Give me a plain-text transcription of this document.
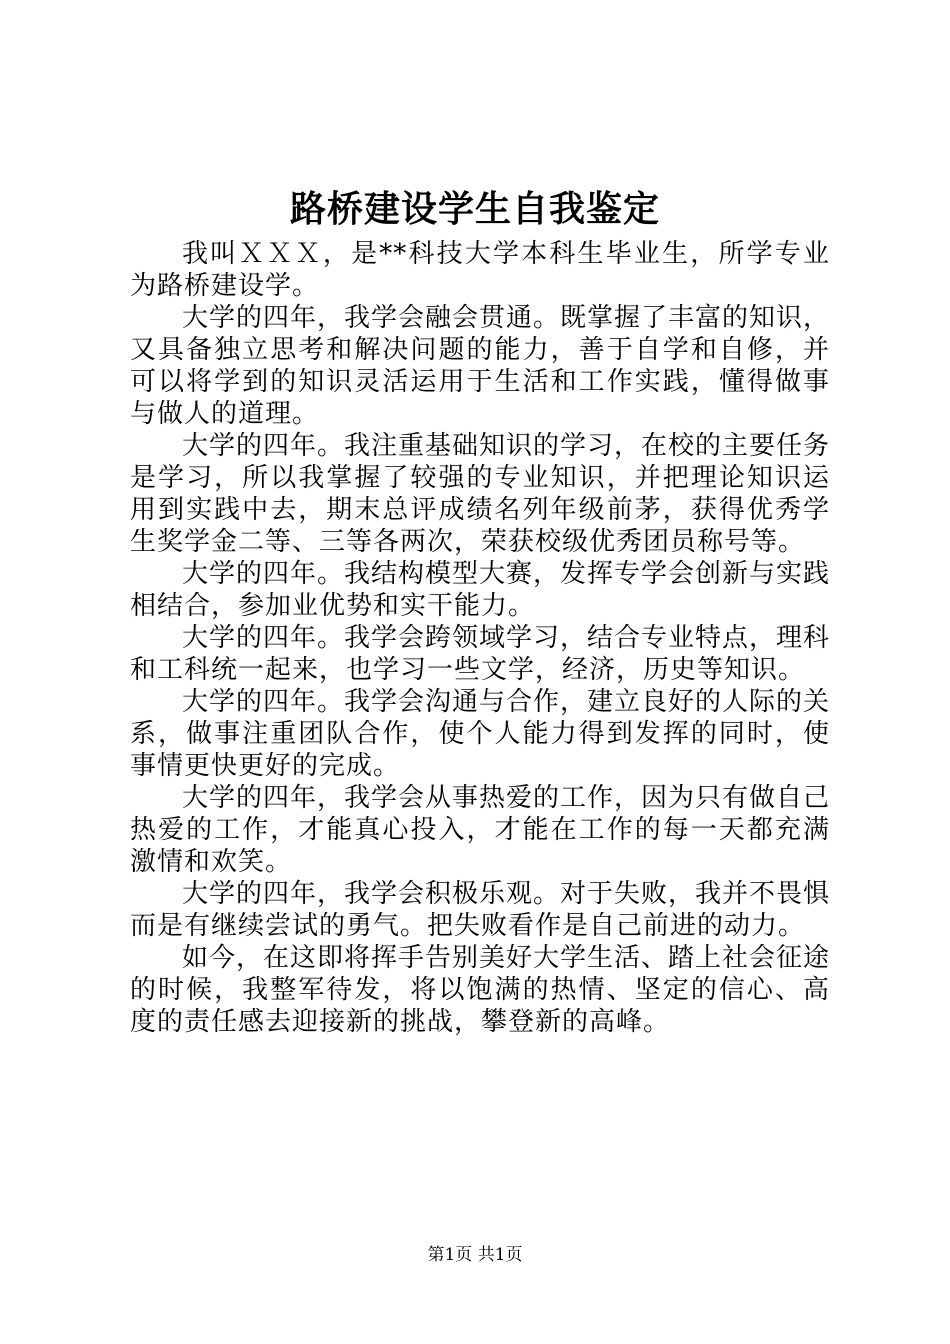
路桥建设学生自我鉴定

我叫ＸＸＸ，是**科技大学本科生毕业生，所学专业为路桥建设学。

大学的四年，我学会融会贯通。既掌握了丰富的知识，又具备独立思考和解决问题的能力，善于自学和自修，并可以将学到的知识灵活运用于生活和工作实践，懂得做事与做人的道理。

大学的四年。我注重基础知识的学习，在校的主要任务是学习，所以我掌握了较强的专业知识，并把理论知识运用到实践中去，期末总评成绩名列年级前茅，获得优秀学生奖学金二等、三等各两次，荣获校级优秀团员称号等。

大学的四年。我结构模型大赛，发挥专学会创新与实践相结合，参加业优势和实干能力。

大学的四年。我学会跨领域学习，结合专业特点，理科和工科统一起来，也学习一些文学，经济，历史等知识。

大学的四年。我学会沟通与合作，建立良好的人际的关系，做事注重团队合作，使个人能力得到发挥的同时，使事情更快更好的完成。

大学的四年，我学会从事热爱的工作，因为只有做自己热爱的工作，才能真心投入，才能在工作的每一天都充满激情和欢笑。

大学的四年，我学会积极乐观。对于失败，我并不畏惧而是有继续尝试的勇气。把失败看作是自己前进的动力。

如今，在这即将挥手告别美好大学生活、踏上社会征途的时候，我整军待发，将以饱满的热情、坚定的信心、高度的责任感去迎接新的挑战，攀登新的高峰。

第1页 共1页
